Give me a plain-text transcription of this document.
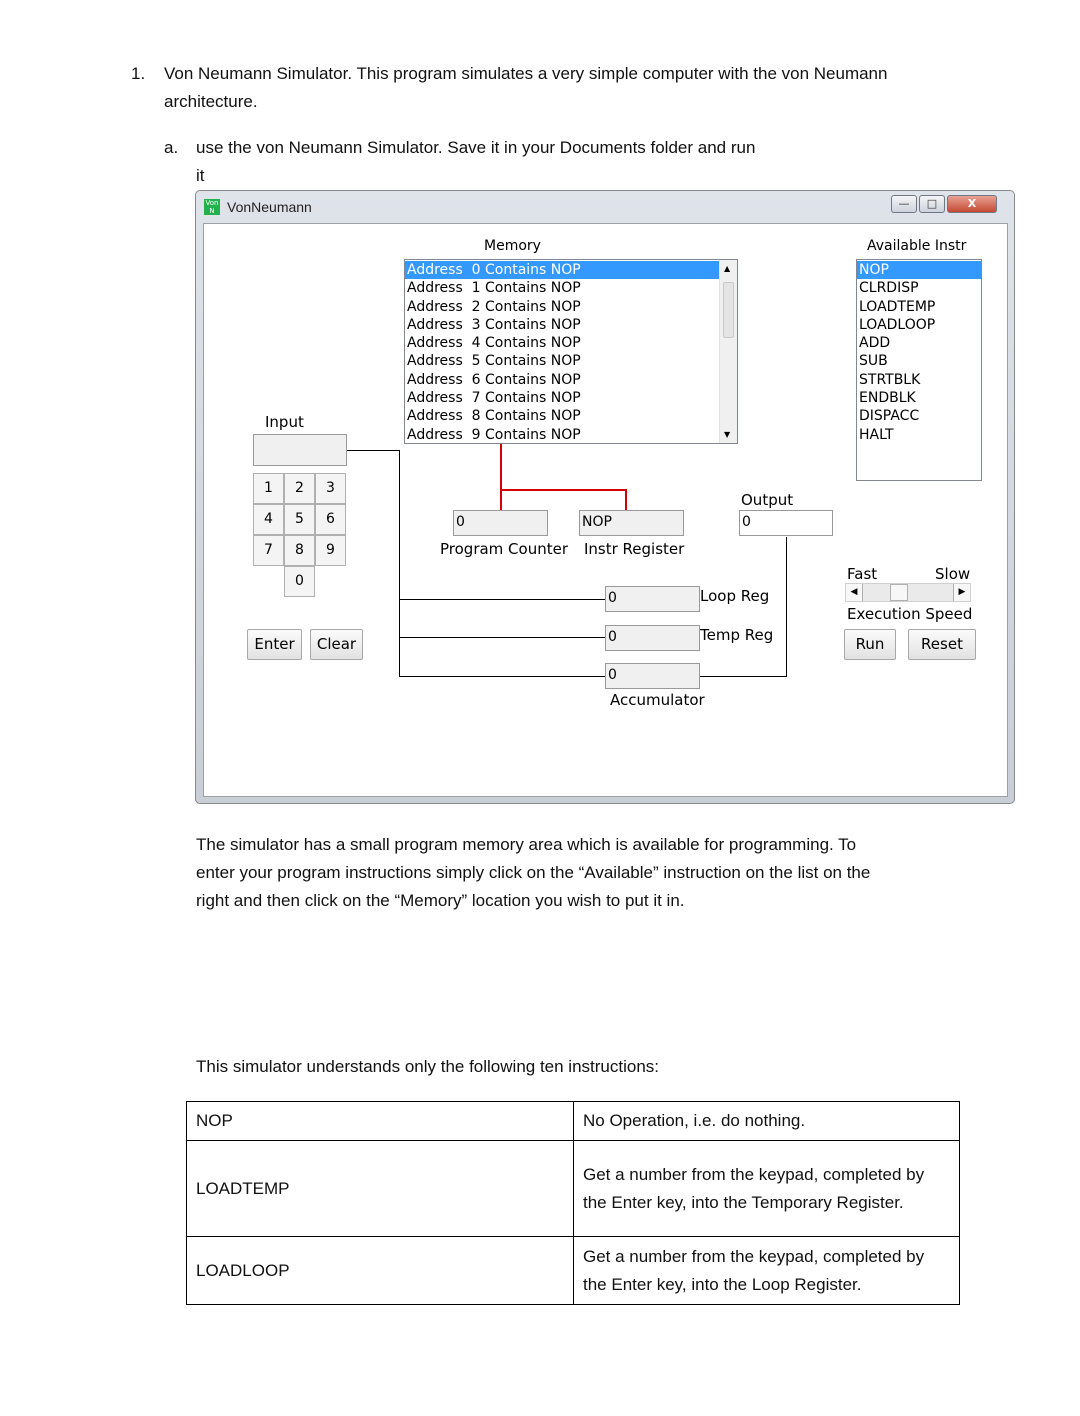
1. Von Neumann Simulator. This program simulates a very simple computer with the von Neumann
architecture.
a. use the von Neumann Simulator. Save it in your Documents folder and run
it
Von N VonNeumann	—	□	X
Memory
Address  0 Contains NOP
Address  1 Contains NOP
Address  2 Contains NOP
Address  3 Contains NOP
Address  4 Contains NOP
Address  5 Contains NOP
Address  6 Contains NOP
Address  7 Contains NOP
Address  8 Contains NOP
Address  9 Contains NOP
▲
▼
Available Instr
NOP
CLRDISP
LOADTEMP
LOADLOOP
ADD
SUB
STRTBLK
ENDBLK
DISPACC
HALT
Input
1	2	3
4	5	6
7	8	9
0
Enter	Clear
0
Program Counter
NOP
Instr Register
Output
0
0	Loop Reg
0	Temp Reg
0
Accumulator
Fast	Slow
◀	▶
Execution Speed
Run	Reset
The simulator has a small program memory area which is available for programming. To
enter your program instructions simply click on the “Available” instruction on the list on the
right and then click on the “Memory” location you wish to put it in.
This simulator understands only the following ten instructions:
NOP	No Operation, i.e. do nothing.
LOADTEMP	Get a number from the keypad, completed by the Enter key, into the Temporary Register.
LOADLOOP	Get a number from the keypad, completed by the Enter key, into the Loop Register.
